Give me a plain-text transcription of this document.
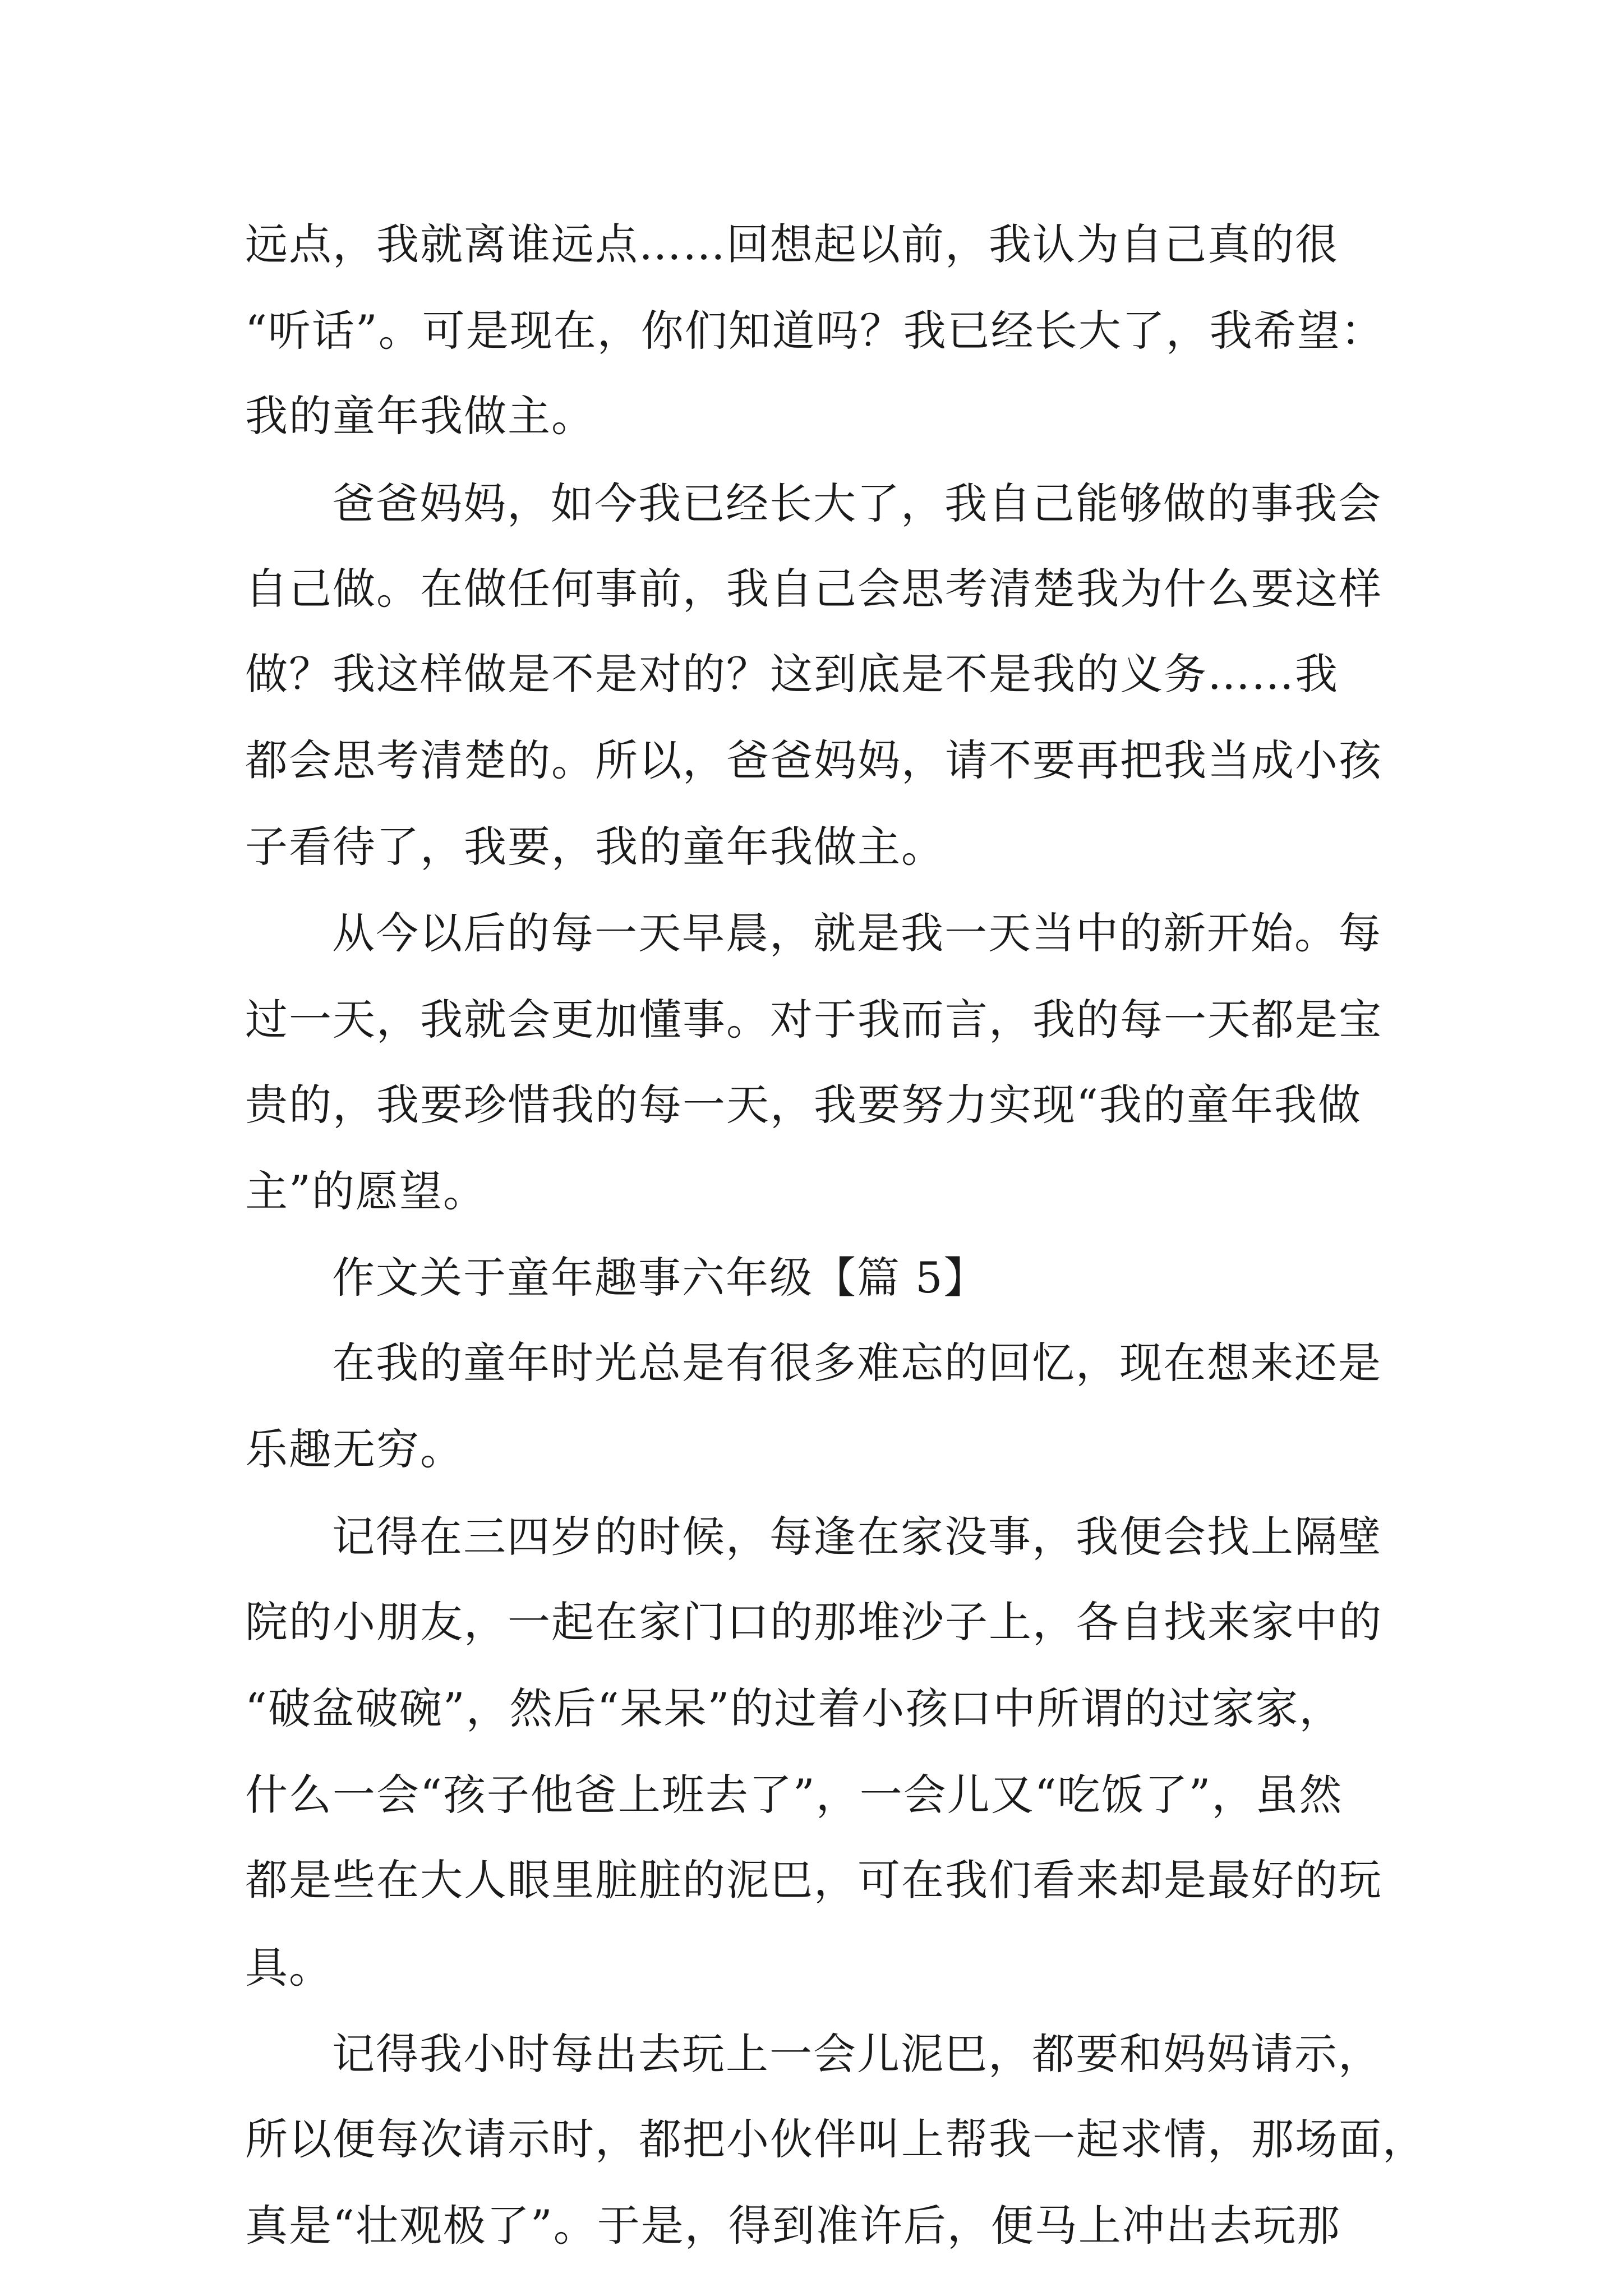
远点，我就离谁远点……回想起以前，我认为自己真的很

“听话”。可是现在，你们知道吗？我已经长大了，我希望：

我的童年我做主。

爸爸妈妈，如今我已经长大了，我自己能够做的事我会

自己做。在做任何事前，我自己会思考清楚我为什么要这样

做？我这样做是不是对的？这到底是不是我的义务……我

都会思考清楚的。所以，爸爸妈妈，请不要再把我当成小孩

子看待了，我要，我的童年我做主。

从今以后的每一天早晨，就是我一天当中的新开始。每

过一天，我就会更加懂事。对于我而言，我的每一天都是宝

贵的，我要珍惜我的每一天，我要努力实现“我的童年我做

主”的愿望。

作文关于童年趣事六年级【篇 5】

在我的童年时光总是有很多难忘的回忆，现在想来还是

乐趣无穷。

记得在三四岁的时候，每逢在家没事，我便会找上隔壁

院的小朋友，一起在家门口的那堆沙子上，各自找来家中的

“破盆破碗”，然后“呆呆”的过着小孩口中所谓的过家家，

什么一会“孩子他爸上班去了”，一会儿又“吃饭了”，虽然

都是些在大人眼里脏脏的泥巴，可在我们看来却是最好的玩

具。

记得我小时每出去玩上一会儿泥巴，都要和妈妈请示，

所以便每次请示时，都把小伙伴叫上帮我一起求情，那场面，

真是“壮观极了”。于是，得到准许后，便马上冲出去玩那
